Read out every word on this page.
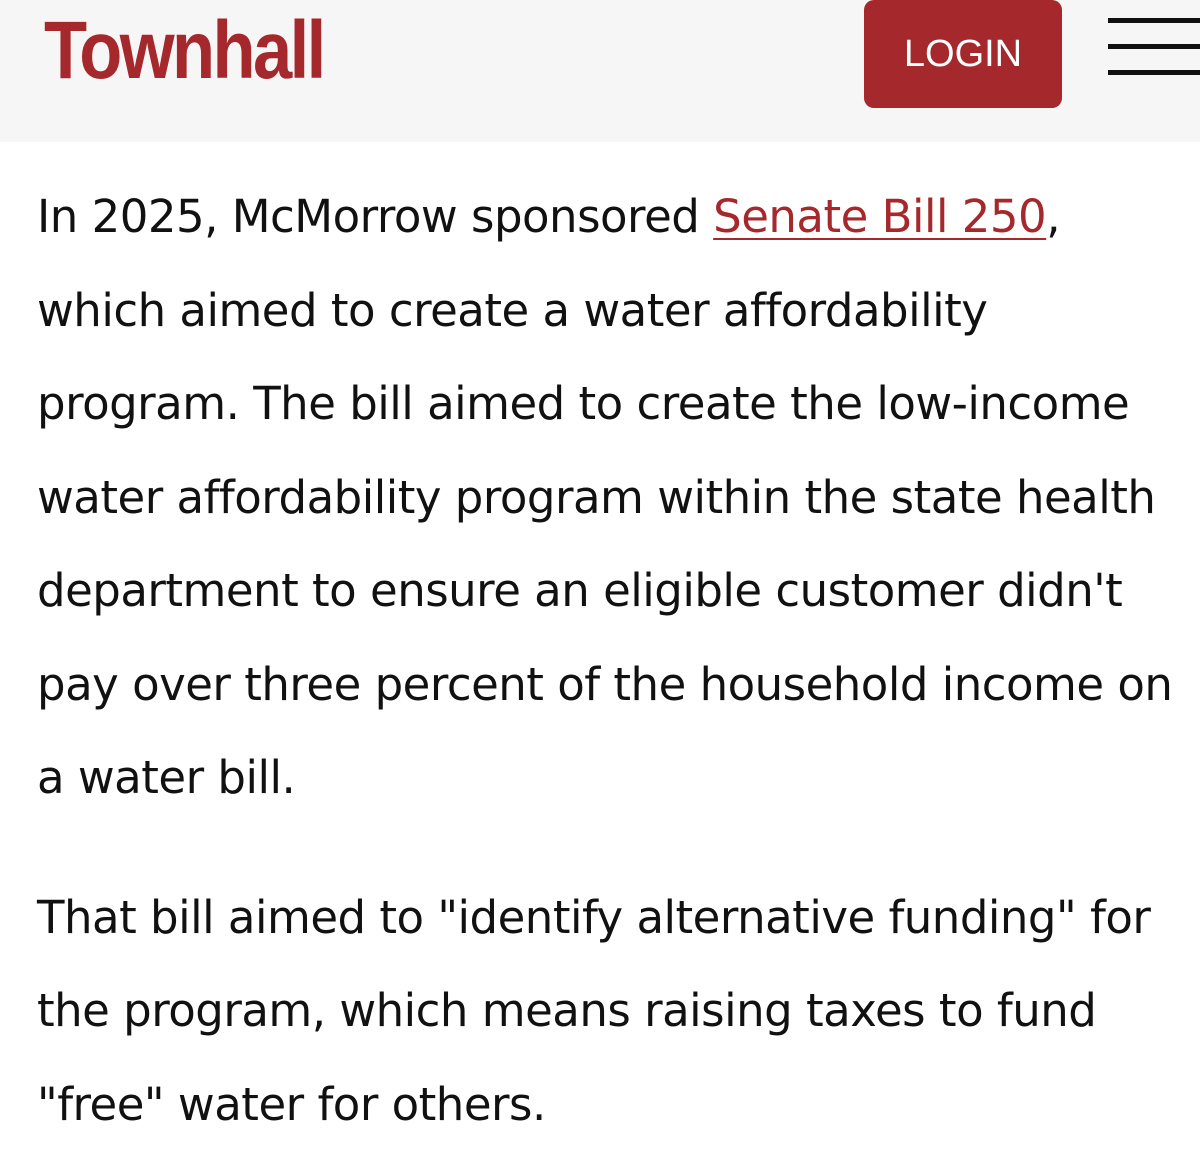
Townhall	LOGIN

In 2025, McMorrow sponsored Senate Bill 250, which aimed to create a water affordability program. The bill aimed to create the low-income water affordability program within the state health department to ensure an eligible customer didn't pay over three percent of the household income on a water bill.

That bill aimed to "identify alternative funding" for the program, which means raising taxes to fund "free" water for others.
